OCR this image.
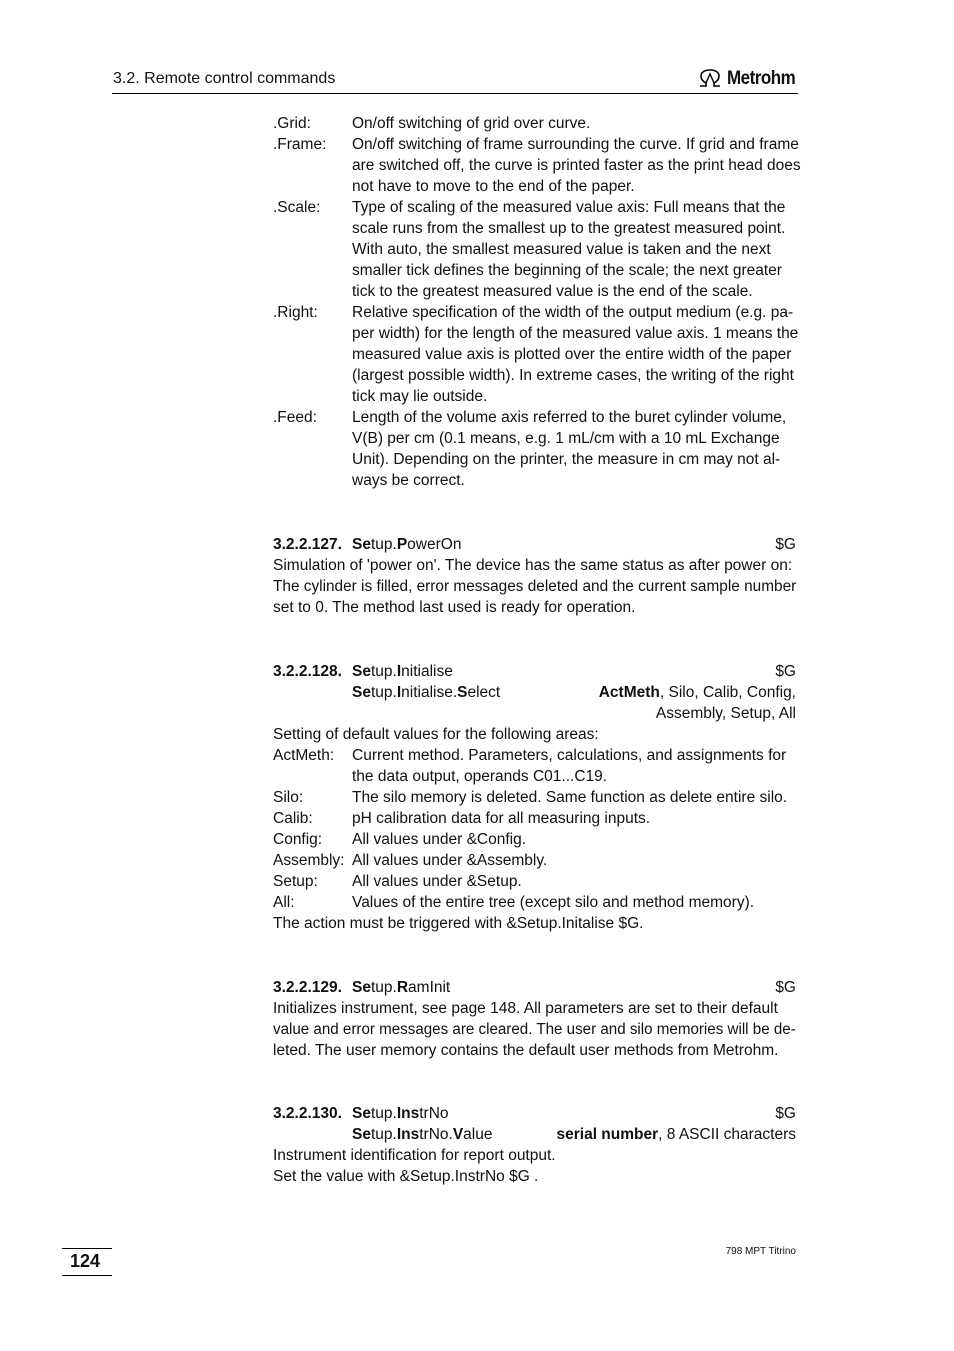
3.2. Remote control commands	Metrohm
.Grid:	On/off switching of grid over curve.
.Frame:	On/off switching of frame surrounding the curve. If grid and frame
are switched off, the curve is printed faster as the print head does
not have to move to the end of the paper.
.Scale:	Type of scaling of the measured value axis: Full means that the
scale runs from the smallest up to the greatest measured point.
With auto, the smallest measured value is taken and the next
smaller tick defines the beginning of the scale; the next greater
tick to the greatest measured value is the end of the scale.
.Right:	Relative specification of the width of the output medium (e.g. pa-
per width) for the length of the measured value axis. 1 means the
measured value axis is plotted over the entire width of the paper
(largest possible width). In extreme cases, the writing of the right
tick may lie outside.
.Feed:	Length of the volume axis referred to the buret cylinder volume,
V(B) per cm (0.1 means, e.g. 1 mL/cm with a 10 mL Exchange
Unit). Depending on the printer, the measure in cm may not al-
ways be correct.
3.2.2.127. Setup.PowerOn	$G
Simulation of 'power on'. The device has the same status as after power on:
The cylinder is filled, error messages deleted and the current sample number
set to 0. The method last used is ready for operation.
3.2.2.128. Setup.Initialise	$G
Setup.Initialise.Select	ActMeth, Silo, Calib, Config,
Assembly, Setup, All
Setting of default values for the following areas:
ActMeth:	Current method. Parameters, calculations, and assignments for
the data output, operands C01...C19.
Silo:	The silo memory is deleted. Same function as delete entire silo.
Calib:	pH calibration data for all measuring inputs.
Config:	All values under &Config.
Assembly: All values under &Assembly.
Setup:	All values under &Setup.
All:	Values of the entire tree (except silo and method memory).
The action must be triggered with &Setup.Initalise $G.
3.2.2.129. Setup.RamInit	$G
Initializes instrument, see page 148. All parameters are set to their default
value and error messages are cleared. The user and silo memories will be de-
leted. The user memory contains the default user methods from Metrohm.
3.2.2.130. Setup.InstrNo	$G
Setup.InstrNo.Value	serial number, 8 ASCII characters
Instrument identification for report output.
Set the value with &Setup.InstrNo $G .
124	798 MPT Titrino
